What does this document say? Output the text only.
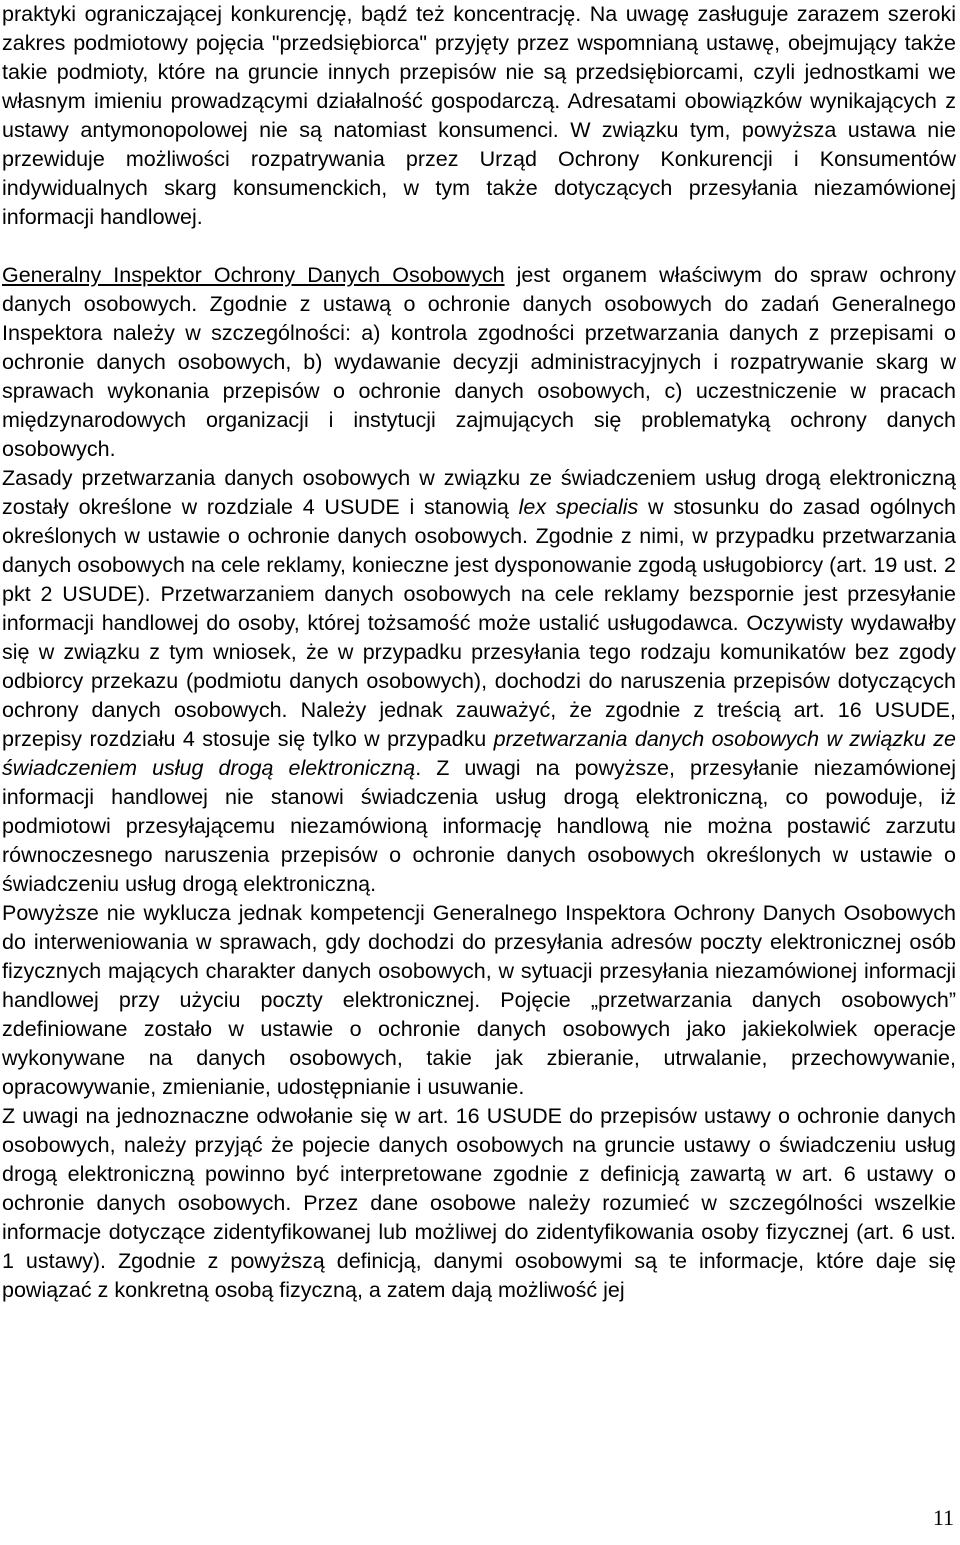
praktyki ograniczającej konkurencję, bądź też koncentrację. Na uwagę zasługuje zarazem szeroki zakres podmiotowy pojęcia "przedsiębiorca" przyjęty przez wspomnianą ustawę, obejmujący także takie podmioty, które na gruncie innych przepisów nie są przedsiębiorcami, czyli jednostkami we własnym imieniu prowadzącymi działalność gospodarczą. Adresatami obowiązków wynikających z ustawy antymonopolowej nie są natomiast konsumenci. W związku tym, powyższa ustawa nie przewiduje możliwości rozpatrywania przez Urząd Ochrony Konkurencji i Konsumentów indywidualnych skarg konsumenckich, w tym także dotyczących przesyłania niezamówionej informacji handlowej.

Generalny Inspektor Ochrony Danych Osobowych jest organem właściwym do spraw ochrony danych osobowych. Zgodnie z ustawą o ochronie danych osobowych do zadań Generalnego Inspektora należy w szczególności: a) kontrola zgodności przetwarzania danych z przepisami o ochronie danych osobowych, b) wydawanie decyzji administracyjnych i rozpatrywanie skarg w sprawach wykonania przepisów o ochronie danych osobowych, c) uczestniczenie w pracach międzynarodowych organizacji i instytucji zajmujących się problematyką ochrony danych osobowych.

Zasady przetwarzania danych osobowych w związku ze świadczeniem usług drogą elektroniczną zostały określone w rozdziale 4 USUDE i stanowią lex specialis w stosunku do zasad ogólnych określonych w ustawie o ochronie danych osobowych. Zgodnie z nimi, w przypadku przetwarzania danych osobowych na cele reklamy, konieczne jest dysponowanie zgodą usługobiorcy (art. 19 ust. 2 pkt 2 USUDE). Przetwarzaniem danych osobowych na cele reklamy bezspornie jest przesyłanie informacji handlowej do osoby, której tożsamość może ustalić usługodawca. Oczywisty wydawałby się w związku z tym wniosek, że w przypadku przesyłania tego rodzaju komunikatów bez zgody odbiorcy przekazu (podmiotu danych osobowych), dochodzi do naruszenia przepisów dotyczących ochrony danych osobowych. Należy jednak zauważyć, że zgodnie z treścią art. 16 USUDE, przepisy rozdziału 4 stosuje się tylko w przypadku przetwarzania danych osobowych w związku ze świadczeniem usług drogą elektroniczną. Z uwagi na powyższe, przesyłanie niezamówionej informacji handlowej nie stanowi świadczenia usług drogą elektroniczną, co powoduje, iż podmiotowi przesyłającemu niezamówioną informację handlową nie można postawić zarzutu równoczesnego naruszenia przepisów o ochronie danych osobowych określonych w ustawie o świadczeniu usług drogą elektroniczną.

Powyższe nie wyklucza jednak kompetencji Generalnego Inspektora Ochrony Danych Osobowych do interweniowania w sprawach, gdy dochodzi do przesyłania adresów poczty elektronicznej osób fizycznych mających charakter danych osobowych, w sytuacji przesyłania niezamówionej informacji handlowej przy użyciu poczty elektronicznej. Pojęcie „przetwarzania danych osobowych” zdefiniowane zostało w ustawie o ochronie danych osobowych jako jakiekolwiek operacje wykonywane na danych osobowych, takie jak zbieranie, utrwalanie, przechowywanie, opracowywanie, zmienianie, udostępnianie i usuwanie.

Z uwagi na jednoznaczne odwołanie się w art. 16 USUDE do przepisów ustawy o ochronie danych osobowych, należy przyjąć że pojecie danych osobowych na gruncie ustawy o świadczeniu usług drogą elektroniczną powinno być interpretowane zgodnie z definicją zawartą w art. 6 ustawy o ochronie danych osobowych. Przez dane osobowe należy rozumieć w szczególności wszelkie informacje dotyczące zidentyfikowanej lub możliwej do zidentyfikowania osoby fizycznej (art. 6 ust. 1 ustawy). Zgodnie z powyższą definicją, danymi osobowymi są te informacje, które daje się powiązać z konkretną osobą fizyczną, a zatem dają możliwość jej

11
